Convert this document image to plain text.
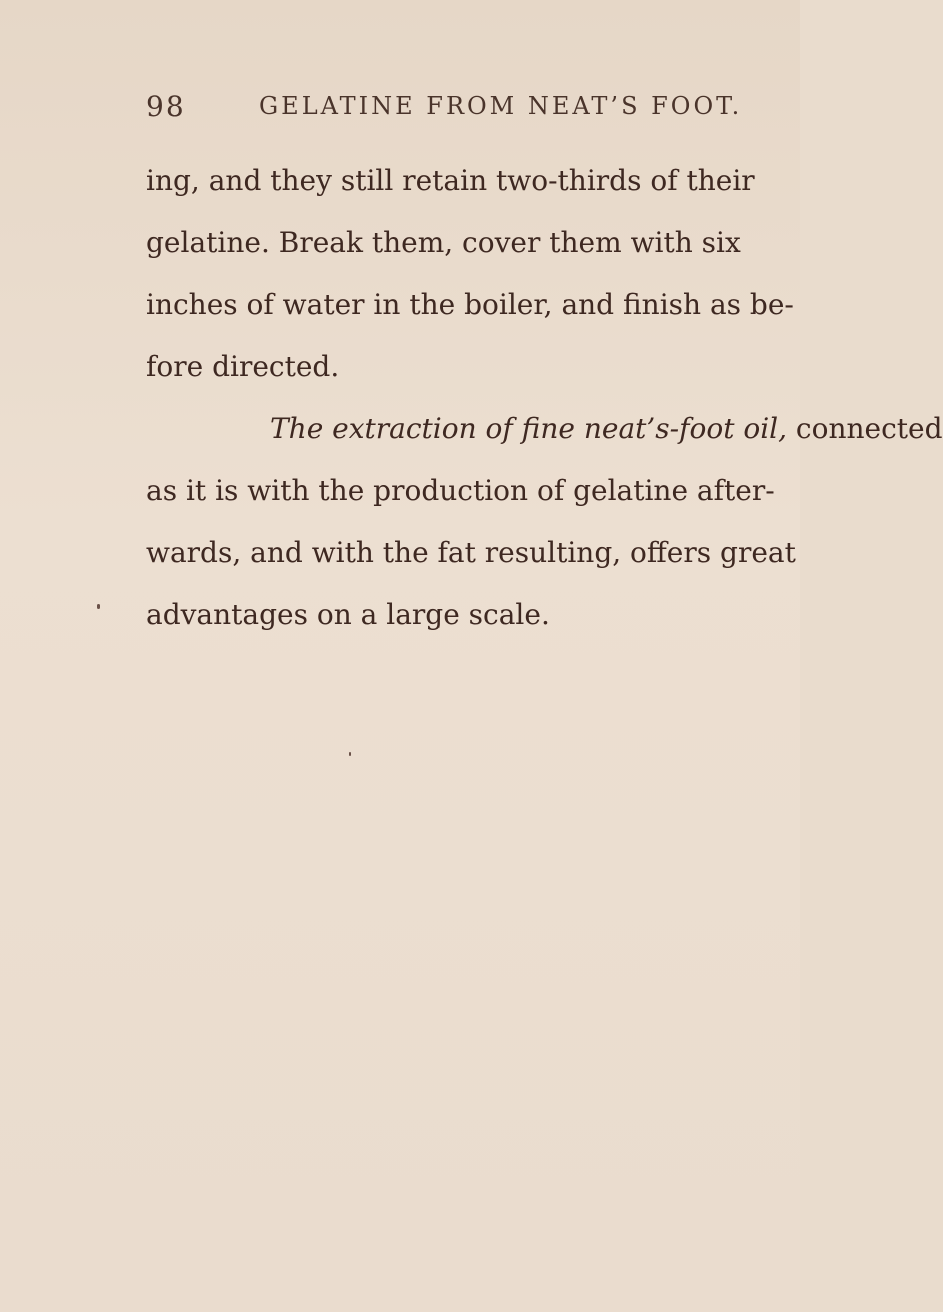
98	GELATINE FROM NEAT’S FOOT.
ing, and they still retain two-thirds of their
gelatine. Break them, cover them with six
inches of water in the boiler, and finish as be-
fore directed.
The extraction of fine neat’s-foot oil, connected
as it is with the production of gelatine after-
wards, and with the fat resulting, offers great
advantages on a large scale.
